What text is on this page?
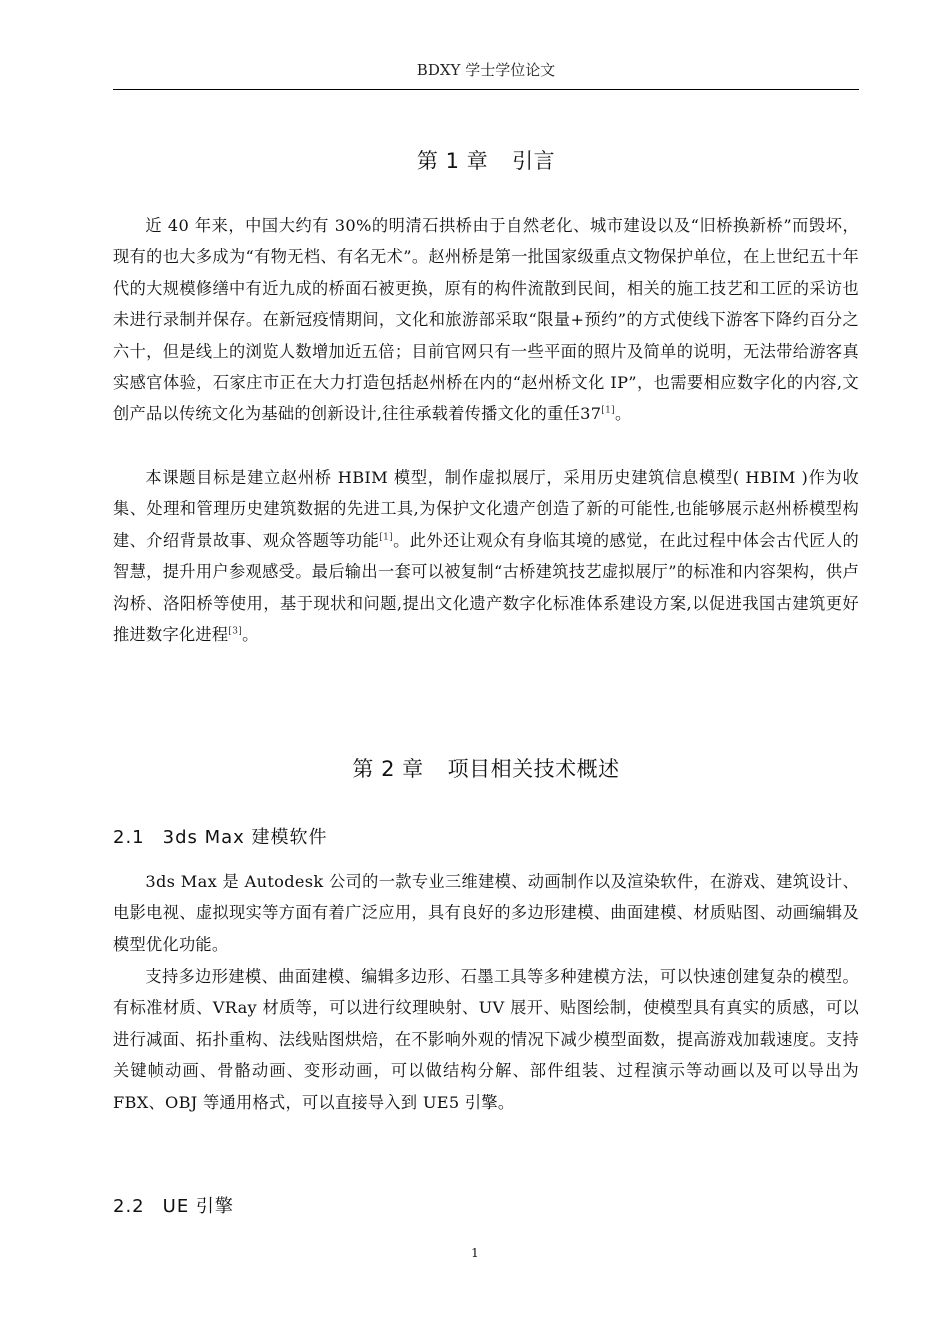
BDXY 学士学位论文
第 1 章 引言

近 40 年来，中国大约有 30%的明清石拱桥由于自然老化、城市建设以及“旧桥换新桥”而毁坏，现有的也大多成为“有物无档、有名无术”。赵州桥是第一批国家级重点文物保护单位，在上世纪五十年代的大规模修缮中有近九成的桥面石被更换，原有的构件流散到民间，相关的施工技艺和工匠的采访也未进行录制并保存。在新冠疫情期间，文化和旅游部采取“限量+预约”的方式使线下游客下降约百分之六十，但是线上的浏览人数增加近五倍；目前官网只有一些平面的照片及简单的说明，无法带给游客真实感官体验，石家庄市正在大力打造包括赵州桥在内的“赵州桥文化 IP”，也需要相应数字化的内容,文创产品以传统文化为基础的创新设计,往往承载着传播文化的重任37[1]。

本课题目标是建立赵州桥 HBIM 模型，制作虚拟展厅，采用历史建筑信息模型( HBIM )作为收集、处理和管理历史建筑数据的先进工具,为保护文化遗产创造了新的可能性,也能够展示赵州桥模型构建、介绍背景故事、观众答题等功能[1]。此外还让观众有身临其境的感觉，在此过程中体会古代匠人的智慧，提升用户参观感受。最后输出一套可以被复制“古桥建筑技艺虚拟展厅”的标准和内容架构，供卢沟桥、洛阳桥等使用，基于现状和问题,提出文化遗产数字化标准体系建设方案,以促进我国古建筑更好推进数字化进程[3]。

第 2 章 项目相关技术概述
2.1 3ds Max 建模软件

3ds Max 是 Autodesk 公司的一款专业三维建模、动画制作以及渲染软件，在游戏、建筑设计、电影电视、虚拟现实等方面有着广泛应用，具有良好的多边形建模、曲面建模、材质贴图、动画编辑及模型优化功能。

支持多边形建模、曲面建模、编辑多边形、石墨工具等多种建模方法，可以快速创建复杂的模型。有标准材质、VRay 材质等，可以进行纹理映射、UV 展开、贴图绘制，使模型具有真实的质感，可以进行减面、拓扑重构、法线贴图烘焙，在不影响外观的情况下减少模型面数，提高游戏加载速度。支持关键帧动画、骨骼动画、变形动画，可以做结构分解、部件组装、过程演示等动画以及可以导出为 FBX、OBJ 等通用格式，可以直接导入到 UE5 引擎。

2.2 UE 引擎
1
